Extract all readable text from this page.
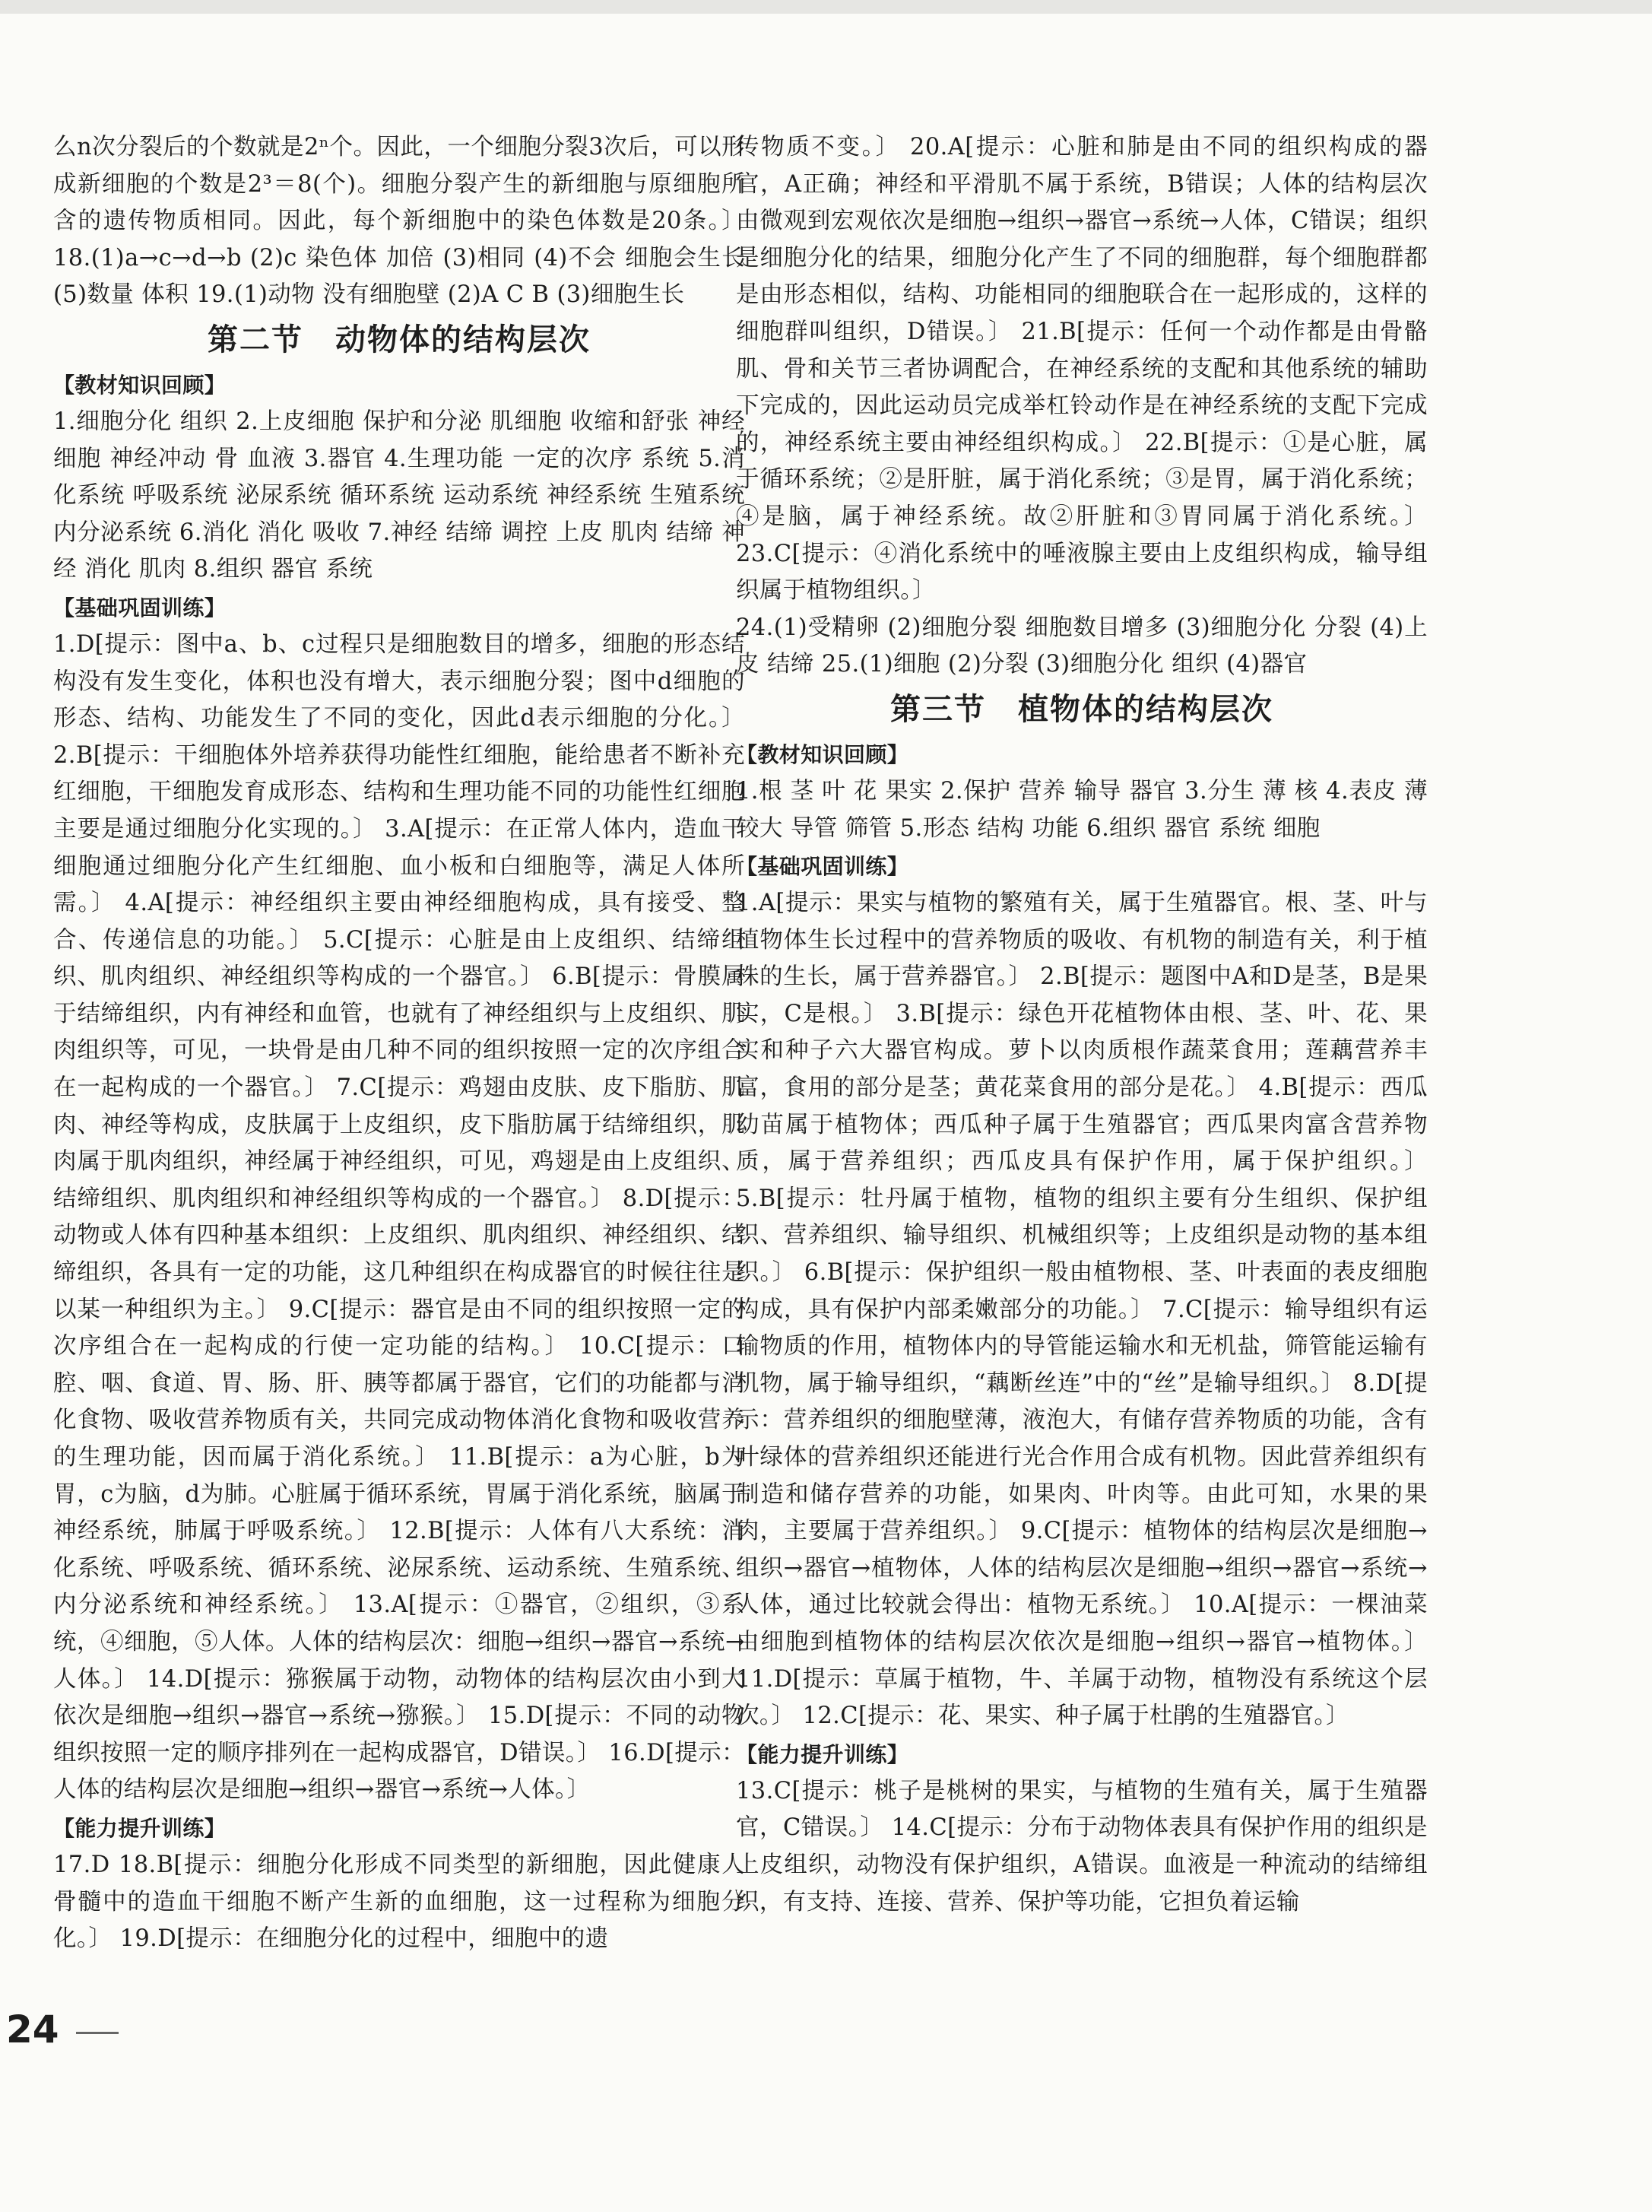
么n次分裂后的个数就是2ⁿ个。因此，一个细胞分裂3次后，可以形成新细胞的个数是2³＝8(个)。细胞分裂产生的新细胞与原细胞所含的遗传物质相同。因此，每个新细胞中的染色体数是20条。〕 18.(1)a→c→d→b (2)c 染色体 加倍 (3)相同 (4)不会 细胞会生长 (5)数量 体积 19.(1)动物 没有细胞壁 (2)A C B (3)细胞生长

第二节　动物体的结构层次
【教材知识回顾】

1.细胞分化 组织 2.上皮细胞 保护和分泌 肌细胞 收缩和舒张 神经细胞 神经冲动 骨 血液 3.器官 4.生理功能 一定的次序 系统 5.消化系统 呼吸系统 泌尿系统 循环系统 运动系统 神经系统 生殖系统 内分泌系统 6.消化 消化 吸收 7.神经 结缔 调控 上皮 肌肉 结缔 神经 消化 肌肉 8.组织 器官 系统

【基础巩固训练】

1.D[提示：图中a、b、c过程只是细胞数目的增多，细胞的形态结构没有发生变化，体积也没有增大，表示细胞分裂；图中d细胞的形态、结构、功能发生了不同的变化，因此d表示细胞的分化。〕 2.B[提示：干细胞体外培养获得功能性红细胞，能给患者不断补充红细胞，干细胞发育成形态、结构和生理功能不同的功能性红细胞主要是通过细胞分化实现的。〕 3.A[提示：在正常人体内，造血干细胞通过细胞分化产生红细胞、血小板和白细胞等，满足人体所需。〕 4.A[提示：神经组织主要由神经细胞构成，具有接受、整合、传递信息的功能。〕 5.C[提示：心脏是由上皮组织、结缔组织、肌肉组织、神经组织等构成的一个器官。〕 6.B[提示：骨膜属于结缔组织，内有神经和血管，也就有了神经组织与上皮组织、肌肉组织等，可见，一块骨是由几种不同的组织按照一定的次序组合在一起构成的一个器官。〕 7.C[提示：鸡翅由皮肤、皮下脂肪、肌肉、神经等构成，皮肤属于上皮组织，皮下脂肪属于结缔组织，肌肉属于肌肉组织，神经属于神经组织，可见，鸡翅是由上皮组织、结缔组织、肌肉组织和神经组织等构成的一个器官。〕 8.D[提示：动物或人体有四种基本组织：上皮组织、肌肉组织、神经组织、结缔组织，各具有一定的功能，这几种组织在构成器官的时候往往是以某一种组织为主。〕 9.C[提示：器官是由不同的组织按照一定的次序组合在一起构成的行使一定功能的结构。〕 10.C[提示：口腔、咽、食道、胃、肠、肝、胰等都属于器官，它们的功能都与消化食物、吸收营养物质有关，共同完成动物体消化食物和吸收营养的生理功能，因而属于消化系统。〕 11.B[提示：a为心脏，b为胃，c为脑，d为肺。心脏属于循环系统，胃属于消化系统，脑属于神经系统，肺属于呼吸系统。〕 12.B[提示：人体有八大系统：消化系统、呼吸系统、循环系统、泌尿系统、运动系统、生殖系统、内分泌系统和神经系统。〕 13.A[提示：①器官，②组织，③系统，④细胞，⑤人体。人体的结构层次：细胞→组织→器官→系统→人体。〕 14.D[提示：猕猴属于动物，动物体的结构层次由小到大依次是细胞→组织→器官→系统→猕猴。〕 15.D[提示：不同的动物组织按照一定的顺序排列在一起构成器官，D错误。〕 16.D[提示：人体的结构层次是细胞→组织→器官→系统→人体。〕

【能力提升训练】

17.D 18.B[提示：细胞分化形成不同类型的新细胞，因此健康人骨髓中的造血干细胞不断产生新的血细胞，这一过程称为细胞分化。〕 19.D[提示：在细胞分化的过程中，细胞中的遗

传物质不变。〕 20.A[提示：心脏和肺是由不同的组织构成的器官，A正确；神经和平滑肌不属于系统，B错误；人体的结构层次由微观到宏观依次是细胞→组织→器官→系统→人体，C错误；组织是细胞分化的结果，细胞分化产生了不同的细胞群，每个细胞群都是由形态相似，结构、功能相同的细胞联合在一起形成的，这样的细胞群叫组织，D错误。〕 21.B[提示：任何一个动作都是由骨骼肌、骨和关节三者协调配合，在神经系统的支配和其他系统的辅助下完成的，因此运动员完成举杠铃动作是在神经系统的支配下完成的，神经系统主要由神经组织构成。〕 22.B[提示：①是心脏，属于循环系统；②是肝脏，属于消化系统；③是胃，属于消化系统；④是脑，属于神经系统。故②肝脏和③胃同属于消化系统。〕 23.C[提示：④消化系统中的唾液腺主要由上皮组织构成，输导组织属于植物组织。〕

24.(1)受精卵 (2)细胞分裂 细胞数目增多 (3)细胞分化 分裂 (4)上皮 结缔 25.(1)细胞 (2)分裂 (3)细胞分化 组织 (4)器官

第三节　植物体的结构层次
【教材知识回顾】

1.根 茎 叶 花 果实 2.保护 营养 输导 器官 3.分生 薄 核 4.表皮 薄 较大 导管 筛管 5.形态 结构 功能 6.组织 器官 系统 细胞

【基础巩固训练】

1.A[提示：果实与植物的繁殖有关，属于生殖器官。根、茎、叶与植物体生长过程中的营养物质的吸收、有机物的制造有关，利于植株的生长，属于营养器官。〕 2.B[提示：题图中A和D是茎，B是果实，C是根。〕 3.B[提示：绿色开花植物体由根、茎、叶、花、果实和种子六大器官构成。萝卜以肉质根作蔬菜食用；莲藕营养丰富，食用的部分是茎；黄花菜食用的部分是花。〕 4.B[提示：西瓜幼苗属于植物体；西瓜种子属于生殖器官；西瓜果肉富含营养物质，属于营养组织；西瓜皮具有保护作用，属于保护组织。〕 5.B[提示：牡丹属于植物，植物的组织主要有分生组织、保护组织、营养组织、输导组织、机械组织等；上皮组织是动物的基本组织。〕 6.B[提示：保护组织一般由植物根、茎、叶表面的表皮细胞构成，具有保护内部柔嫩部分的功能。〕 7.C[提示：输导组织有运输物质的作用，植物体内的导管能运输水和无机盐，筛管能运输有机物，属于输导组织，“藕断丝连”中的“丝”是输导组织。〕 8.D[提示：营养组织的细胞壁薄，液泡大，有储存营养物质的功能，含有叶绿体的营养组织还能进行光合作用合成有机物。因此营养组织有制造和储存营养的功能，如果肉、叶肉等。由此可知，水果的果肉，主要属于营养组织。〕 9.C[提示：植物体的结构层次是细胞→组织→器官→植物体，人体的结构层次是细胞→组织→器官→系统→人体，通过比较就会得出：植物无系统。〕 10.A[提示：一棵油菜由细胞到植物体的结构层次依次是细胞→组织→器官→植物体。〕 11.D[提示：草属于植物，牛、羊属于动物，植物没有系统这个层次。〕 12.C[提示：花、果实、种子属于杜鹃的生殖器官。〕

【能力提升训练】

13.C[提示：桃子是桃树的果实，与植物的生殖有关，属于生殖器官，C错误。〕 14.C[提示：分布于动物体表具有保护作用的组织是上皮组织，动物没有保护组织，A错误。血液是一种流动的结缔组织，有支持、连接、营养、保护等功能，它担负着运输

24
